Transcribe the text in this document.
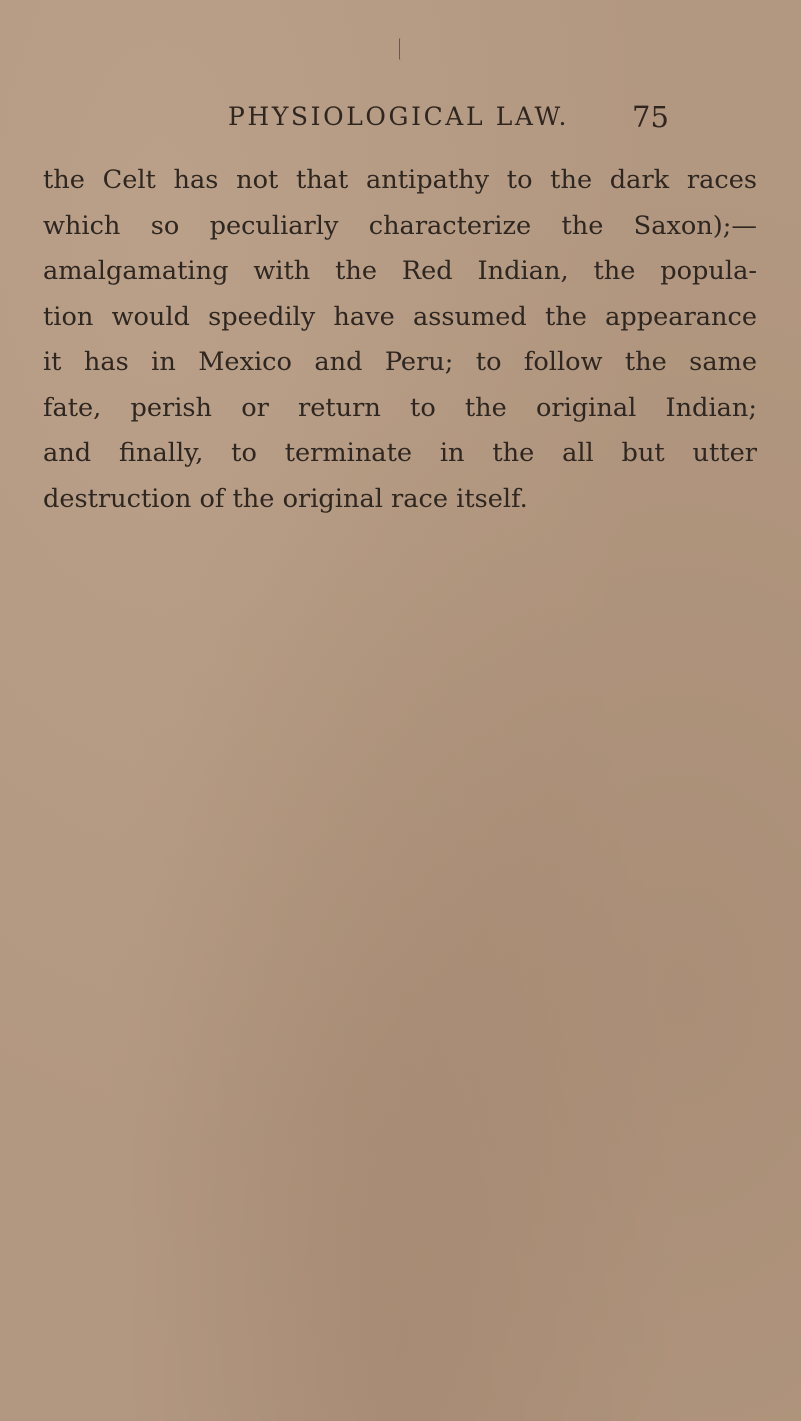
PHYSIOLOGICAL LAW. 75
the Celt has not that antipathy to the dark races
which so peculiarly characterize the Saxon);—
amalgamating with the Red Indian, the popula-
tion would speedily have assumed the appearance
it has in Mexico and Peru; to follow the same
fate, perish or return to the original Indian;
and finally, to terminate in the all but utter
destruction of the original race itself.
